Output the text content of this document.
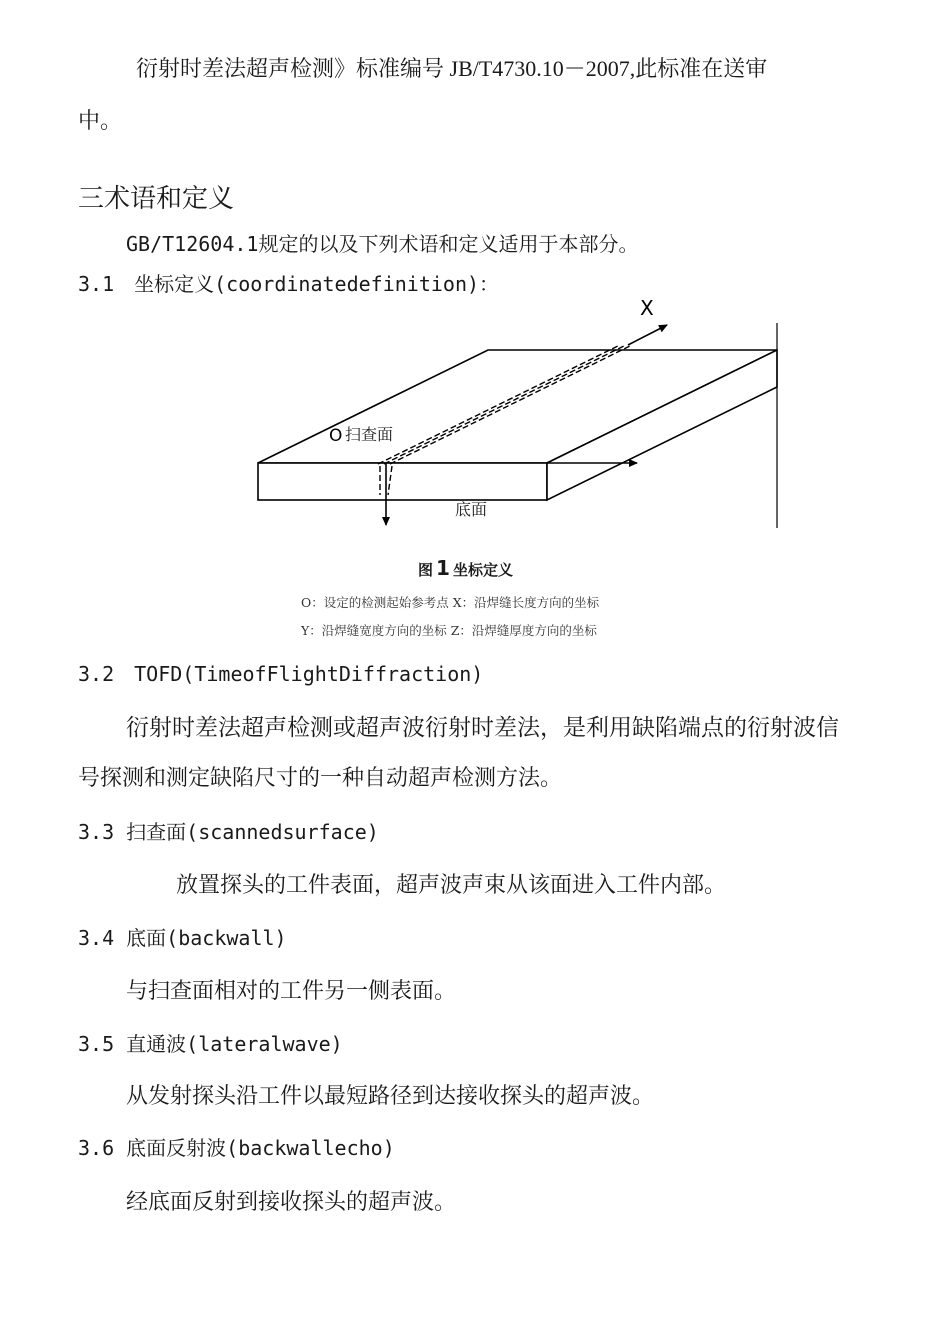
衍射时差法超声检测》标准编号 JB/T4730.10－2007,此标准在送审
中。
三术语和定义
GB/T12604.1规定的以及下列术语和定义适用于本部分。
3.1　坐标定义(coordinatedefinition)：
X
O 扫查面
底面
图 1 坐标定义
O：设定的检测起始参考点 X：沿焊缝长度方向的坐标
Y：沿焊缝宽度方向的坐标 Z：沿焊缝厚度方向的坐标
3.2　TOFD(TimeofFlightDiffraction)
衍射时差法超声检测或超声波衍射时差法，是利用缺陷端点的衍射波信
号探测和测定缺陷尺寸的一种自动超声检测方法。
3.3 扫查面(scannedsurface)
放置探头的工件表面，超声波声束从该面进入工件内部。
3.4 底面(backwall)
与扫查面相对的工件另一侧表面。
3.5 直通波(lateralwave)
从发射探头沿工件以最短路径到达接收探头的超声波。
3.6 底面反射波(backwallecho)
经底面反射到接收探头的超声波。
